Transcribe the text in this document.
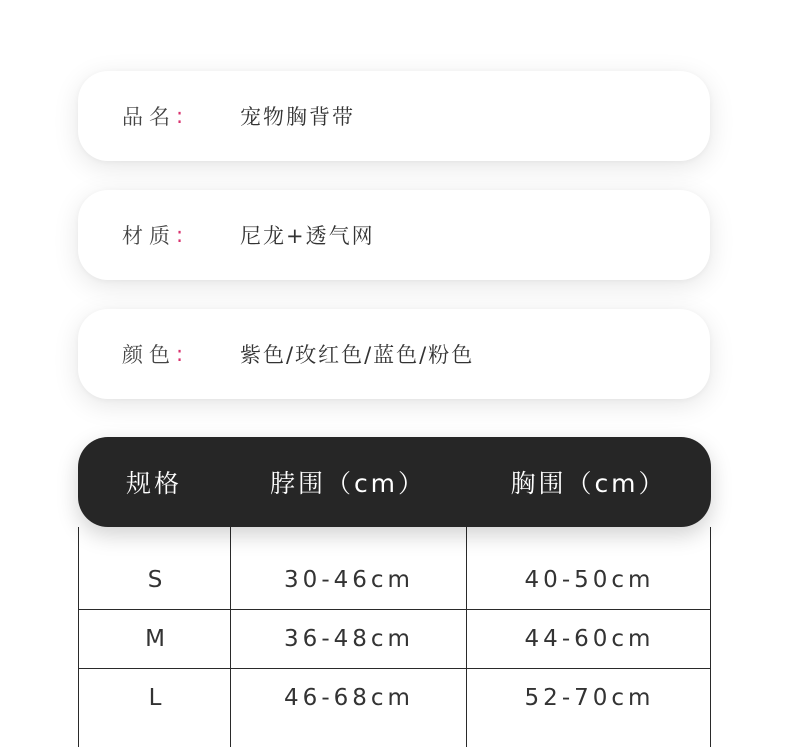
品名 :	宠物胸背带
材质 :	尼龙+透气网
颜色 :	紫色/玫红色/蓝色/粉色
规格	脖围（cm）	胸围（cm）
S	30-46cm	40-50cm
M	36-48cm	44-60cm
L	46-68cm	52-70cm
